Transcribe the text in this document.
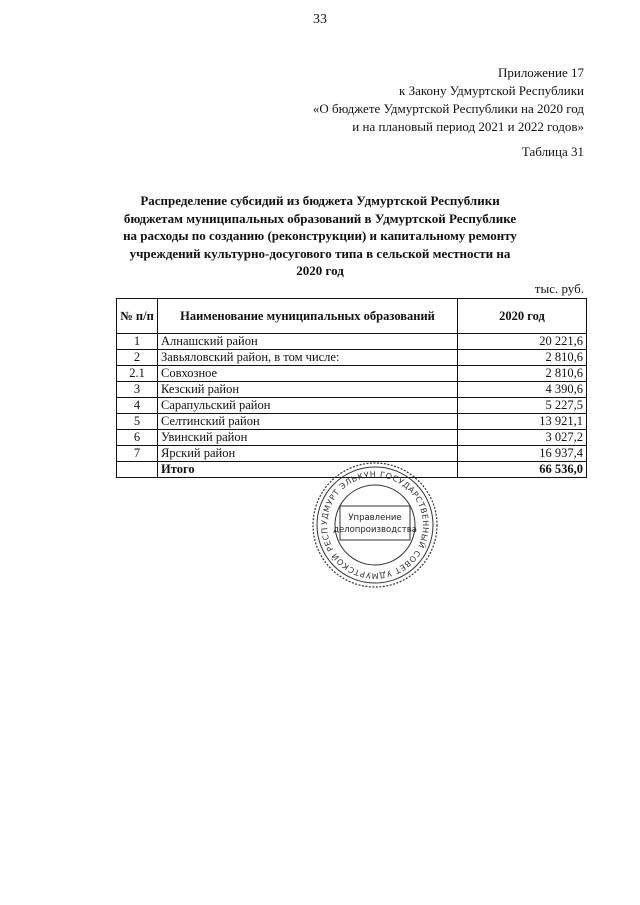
33
Приложение 17
к Закону Удмуртской Республики
«О бюджете Удмуртской Республики на 2020 год
и на плановый период 2021 и 2022 годов»
Таблица 31
Распределение субсидий из бюджета Удмуртской Республики бюджетам муниципальных образований в Удмуртской Республике на расходы по созданию (реконструкции) и капитальному ремонту учреждений культурно-досугового типа в сельской местности на 2020 год
тыс. руб.
№ п/п	Наименование муниципальных образований	2020 год
1	Алнашский район	20 221,6
2	Завьяловский район, в том числе:	2 810,6
2.1	Совхозное	2 810,6
3	Кезский район	4 390,6
4	Сарапульский район	5 227,5
5	Селтинский район	13 921,1
6	Увинский район	3 027,2
7	Ярский район	16 937,4
	Итого	66 536,0
УДМУРТ ЭЛЬКУН ГОСУДАРСТВЕННЫЙ СОВЕТ УДМУРТСКОЙ РЕСП
Управление
делопроизводства
